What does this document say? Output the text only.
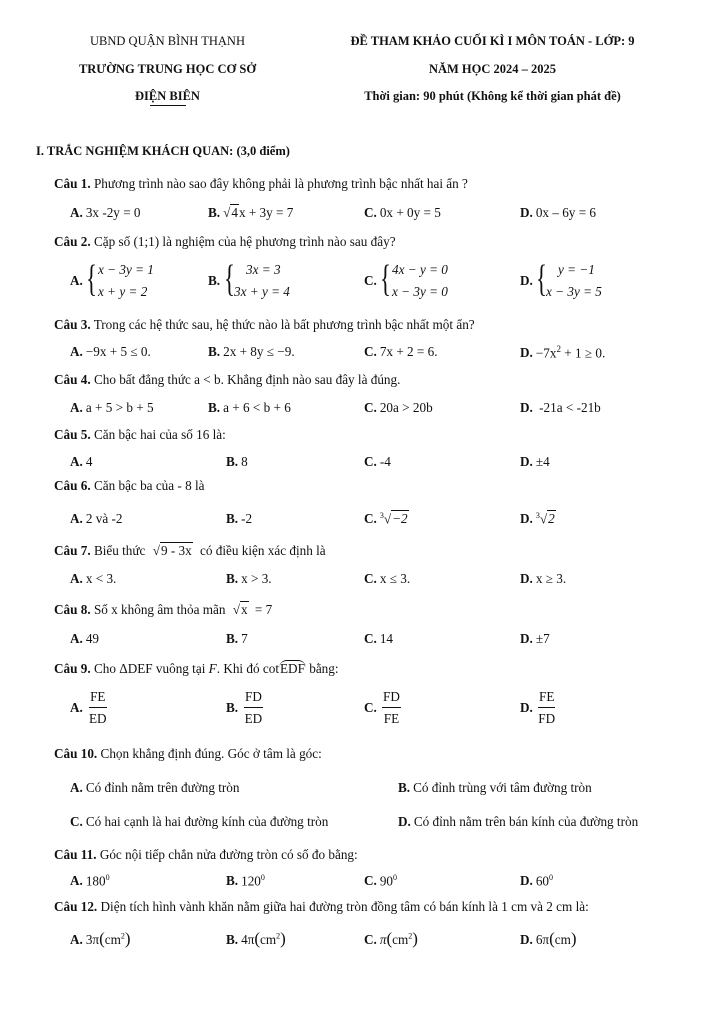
UBND QUẬN BÌNH THẠNH
TRƯỜNG TRUNG HỌC CƠ SỞ
ĐIỆN BIÊN
ĐỀ THAM KHẢO CUỐI KÌ I MÔN TOÁN - LỚP: 9
NĂM HỌC 2024 – 2025
Thời gian: 90 phút (Không kể thời gian phát đề)
I. TRẮC NGHIỆM KHÁCH QUAN: (3,0 điểm)
Câu 1. Phương trình nào sao đây không phải là phương trình bậc nhất hai ẩn ?
A. 3x -2y = 0	B. √4x + 3y = 7	C. 0x + 0y = 5	D. 0x – 6y = 6
Câu 2. Cặp số (1;1) là nghiệm của hệ phương trình nào sau đây?
A. { x − 3y = 1
x + y = 2
B. { 3x = 3
3x + y = 4
C. { 4x − y = 0
x − 3y = 0
D. { y = −1
x − 3y = 5
Câu 3. Trong các hệ thức sau, hệ thức nào là bất phương trình bậc nhất một ẩn?
A. −9x + 5 ≤ 0.	B. 2x + 8y ≤ −9.	C. 7x + 2 = 6.	D. $-7x^2 + 1 \ge 0$.
Câu 4. Cho bất đẳng thức a < b. Khẳng định nào sau đây là đúng.
A. a + 5 > b + 5	B. a + 6 < b + 6	C. 20a > 20b	D. -21a < -21b
Câu 5. Căn bậc hai của số 16 là:
A. 4	B. 8	C. -4	D. ±4
Câu 6. Căn bậc ba của - 8 là
A. 2 và -2	B. -2	C. $^3$√−2	D. $^3$√2
Câu 7. Biểu thức √9 - 3x có điều kiện xác định là
A. x < 3.	B. x > 3.	C. x ≤ 3.	D. x ≥ 3.
Câu 8. Số x không âm thỏa mãn √x = 7
A. 49	B. 7	C. 14	D. ±7
Câu 9. Cho ΔDEF vuông tại F. Khi đó cotEDF bằng:
A. $\frac{FE}{ED}$	B. $\frac{FD}{ED}$	C. $\frac{FD}{FE}$	D. $\frac{FE}{FD}$
Câu 10. Chọn khẳng định đúng. Góc ở tâm là góc:
A. Có đỉnh nằm trên đường tròn	B. Có đỉnh trùng với tâm đường tròn
C. Có hai cạnh là hai đường kính của đường tròn	D. Có đỉnh nằm trên bán kính của đường tròn
Câu 11. Góc nội tiếp chắn nửa đường tròn có số đo bằng:
A. $180^0$	B. $120^0$	C. $90^0$	D. $60^0$
Câu 12. Diện tích hình vành khăn nằm giữa hai đường tròn đồng tâm có bán kính là 1 cm và 2 cm là:
A. $3\pi(cm^2)$	B. $4\pi(cm^2)$	C. $\pi(cm^2)$	D. 6π(cm)
